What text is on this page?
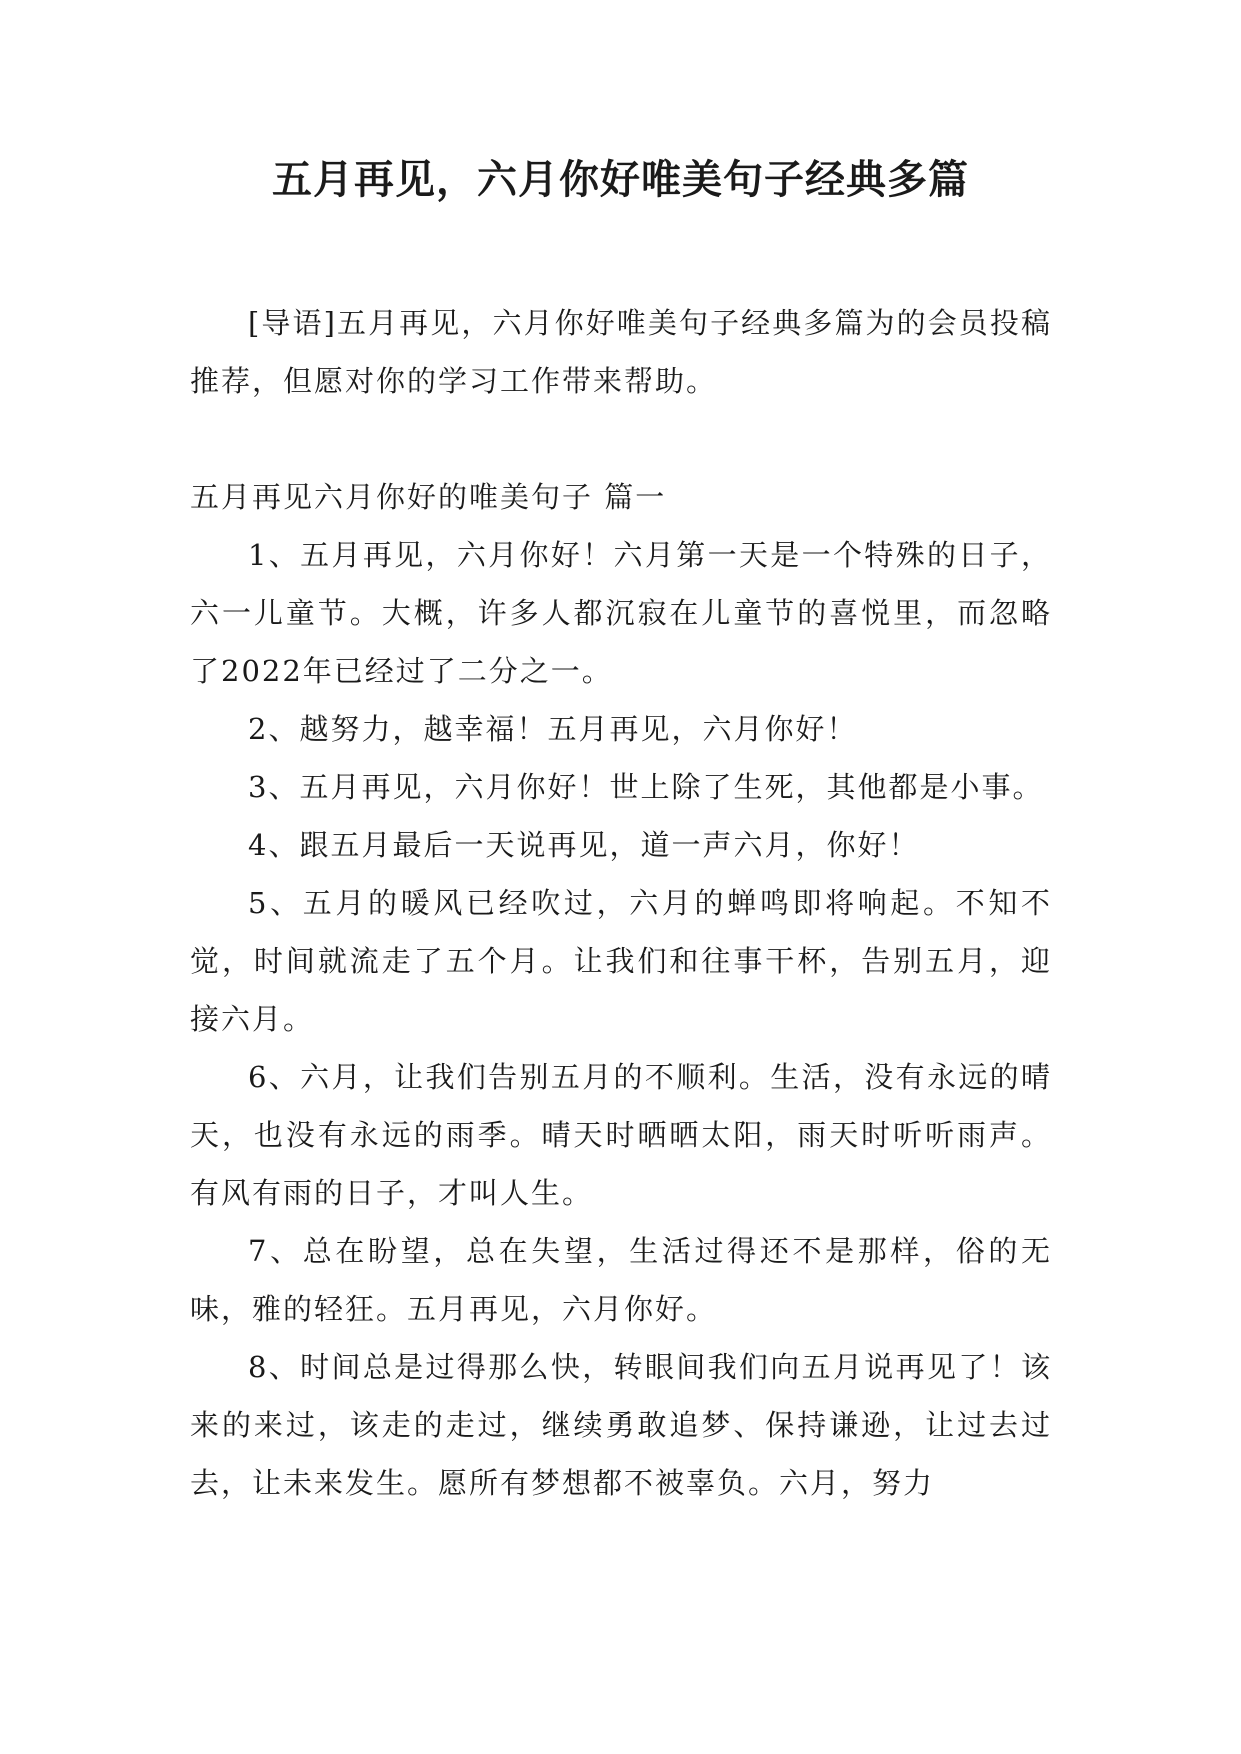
五月再见，六月你好唯美句子经典多篇

[导语]五月再见，六月你好唯美句子经典多篇为的会员投稿推荐，但愿对你的学习工作带来帮助。

五月再见六月你好的唯美句子 篇一

1、五月再见，六月你好！六月第一天是一个特殊的日子，六一儿童节。大概，许多人都沉寂在儿童节的喜悦里，而忽略了2022年已经过了二分之一。

2、越努力，越幸福！五月再见，六月你好！

3、五月再见，六月你好！世上除了生死，其他都是小事。

4、跟五月最后一天说再见，道一声六月，你好！

5、五月的暖风已经吹过，六月的蝉鸣即将响起。不知不觉，时间就流走了五个月。让我们和往事干杯，告别五月，迎接六月。

6、六月，让我们告别五月的不顺利。生活，没有永远的晴天，也没有永远的雨季。晴天时晒晒太阳，雨天时听听雨声。有风有雨的日子，才叫人生。

7、总在盼望，总在失望，生活过得还不是那样，俗的无味，雅的轻狂。五月再见，六月你好。

8、时间总是过得那么快，转眼间我们向五月说再见了！该来的来过，该走的走过，继续勇敢追梦、保持谦逊，让过去过去，让未来发生。愿所有梦想都不被辜负。六月，努力
